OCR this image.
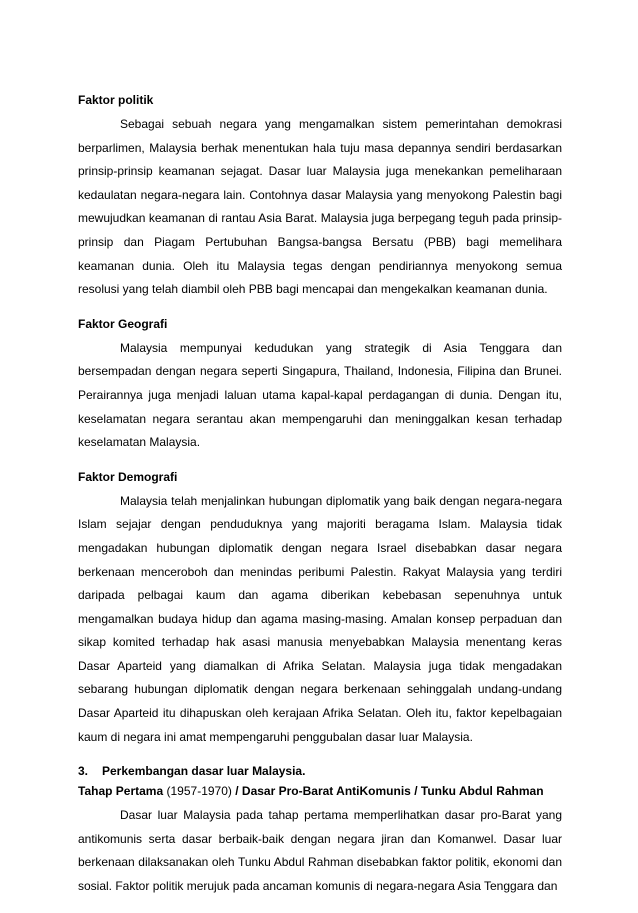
Faktor politik

Sebagai sebuah negara yang mengamalkan sistem pemerintahan demokrasi berparlimen, Malaysia berhak menentukan hala tuju masa depannya sendiri berdasarkan prinsip-prinsip keamanan sejagat. Dasar luar Malaysia juga menekankan pemeliharaan kedaulatan negara-negara lain. Contohnya dasar Malaysia yang menyokong Palestin bagi mewujudkan keamanan di rantau Asia Barat. Malaysia juga berpegang teguh pada prinsip-prinsip dan Piagam Pertubuhan Bangsa-bangsa Bersatu (PBB) bagi memelihara keamanan dunia. Oleh itu Malaysia tegas dengan pendiriannya menyokong semua resolusi yang telah diambil oleh PBB bagi mencapai dan mengekalkan keamanan dunia.

Faktor Geografi

Malaysia mempunyai kedudukan yang strategik di Asia Tenggara dan bersempadan dengan negara seperti Singapura, Thailand, Indonesia, Filipina dan Brunei. Perairannya juga menjadi laluan utama kapal-kapal perdagangan di dunia. Dengan itu, keselamatan negara serantau akan mempengaruhi dan meninggalkan kesan terhadap keselamatan Malaysia.

Faktor Demografi

Malaysia telah menjalinkan hubungan diplomatik yang baik dengan negara-negara Islam sejajar dengan penduduknya yang majoriti beragama Islam. Malaysia tidak mengadakan hubungan diplomatik dengan negara Israel disebabkan dasar negara berkenaan menceroboh dan menindas peribumi Palestin. Rakyat Malaysia yang terdiri daripada pelbagai kaum dan agama diberikan kebebasan sepenuhnya untuk mengamalkan budaya hidup dan agama masing-masing. Amalan konsep perpaduan dan sikap komited terhadap hak asasi manusia menyebabkan Malaysia menentang keras Dasar Aparteid yang diamalkan di Afrika Selatan. Malaysia juga tidak mengadakan sebarang hubungan diplomatik dengan negara berkenaan sehinggalah undang-undang Dasar Aparteid itu dihapuskan oleh kerajaan Afrika Selatan. Oleh itu, faktor kepelbagaian kaum di negara ini amat mempengaruhi penggubalan dasar luar Malaysia.

3. Perkembangan dasar luar Malaysia.

Tahap Pertama (1957-1970) / Dasar Pro-Barat AntiKomunis / Tunku Abdul Rahman

Dasar luar Malaysia pada tahap pertama memperlihatkan dasar pro-Barat yang antikomunis serta dasar berbaik-baik dengan negara jiran dan Komanwel. Dasar luar berkenaan dilaksanakan oleh Tunku Abdul Rahman disebabkan faktor politik, ekonomi dan sosial. Faktor politik merujuk pada ancaman komunis di negara-negara Asia Tenggara dan
